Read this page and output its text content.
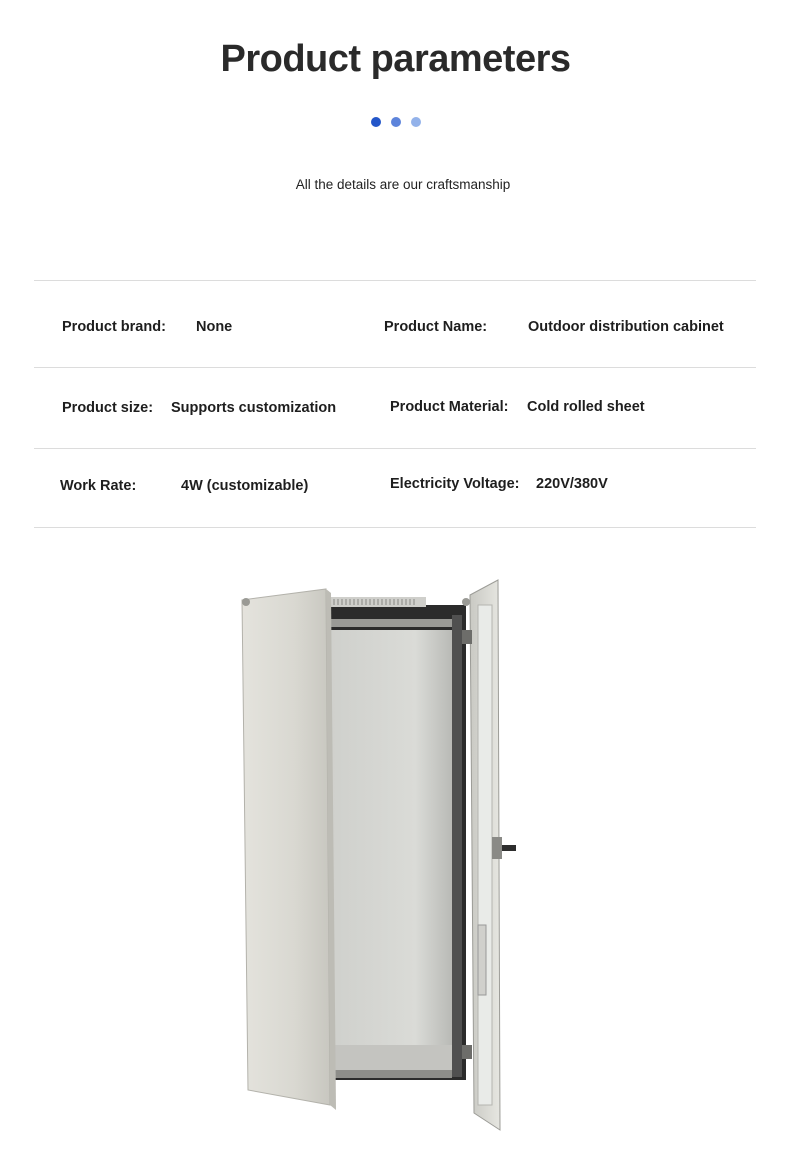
Product parameters

All the details are our craftsmanship
Product brand: None	Product Name:	Outdoor distribution cabinet
Product size: Supports customization	Product Material: Cold rolled sheet
Work Rate:	4W (customizable)	Electricity Voltage: 220V/380V
